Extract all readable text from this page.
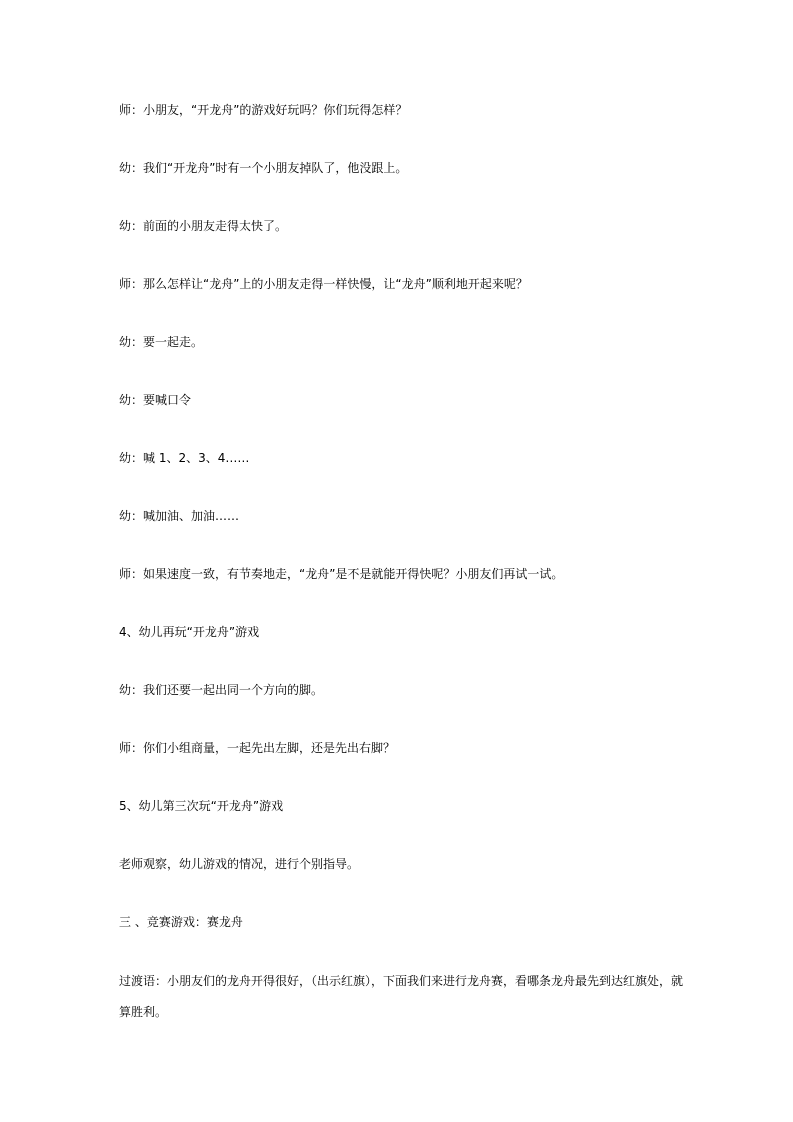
师：小朋友，“开龙舟”的游戏好玩吗？你们玩得怎样？

幼：我们“开龙舟”时有一个小朋友掉队了，他没跟上。

幼：前面的小朋友走得太快了。

师：那么怎样让“龙舟”上的小朋友走得一样快慢，让“龙舟”顺利地开起来呢？

幼：要一起走。

幼：要喊口令

幼：喊 1、2、3、4……

幼：喊加油、加油……

师：如果速度一致，有节奏地走，“龙舟”是不是就能开得快呢？小朋友们再试一试。

4、幼儿再玩“开龙舟”游戏

幼：我们还要一起出同一个方向的脚。

师：你们小组商量，一起先出左脚，还是先出右脚？

5、幼儿第三次玩“开龙舟”游戏

老师观察，幼儿游戏的情况，进行个别指导。

三 、竞赛游戏：赛龙舟

过渡语：小朋友们的龙舟开得很好，（出示红旗），下面我们来进行龙舟赛，看哪条龙舟最先到达红旗处，就算胜利。
